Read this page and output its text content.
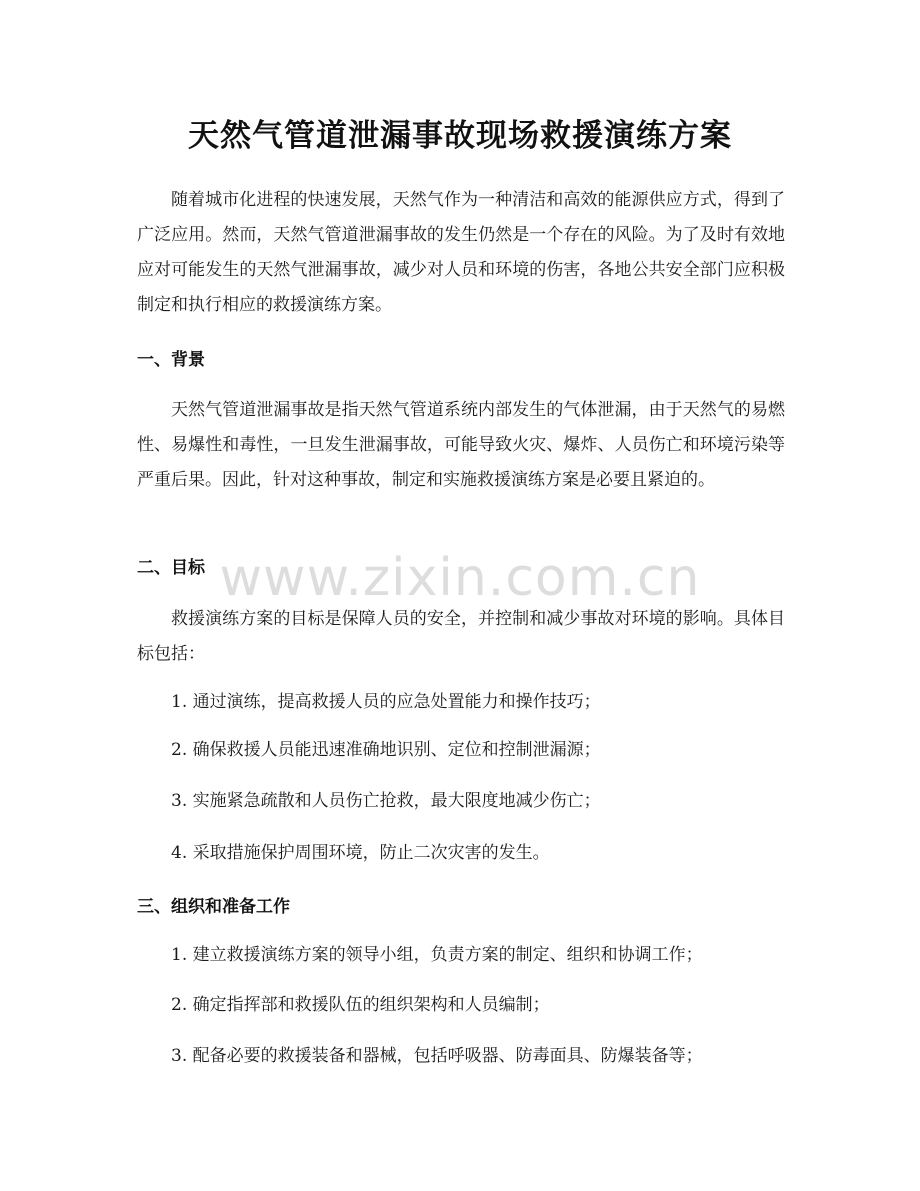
天然气管道泄漏事故现场救援演练方案

随着城市化进程的快速发展，天然气作为一种清洁和高效的能源供应方式，得到了广泛应用。然而，天然气管道泄漏事故的发生仍然是一个存在的风险。为了及时有效地应对可能发生的天然气泄漏事故，减少对人员和环境的伤害，各地公共安全部门应积极制定和执行相应的救援演练方案。

一、背景

天然气管道泄漏事故是指天然气管道系统内部发生的气体泄漏，由于天然气的易燃性、易爆性和毒性，一旦发生泄漏事故，可能导致火灾、爆炸、人员伤亡和环境污染等严重后果。因此，针对这种事故，制定和实施救援演练方案是必要且紧迫的。

二、目标

救援演练方案的目标是保障人员的安全，并控制和减少事故对环境的影响。具体目标包括：

1. 通过演练，提高救援人员的应急处置能力和操作技巧；

2. 确保救援人员能迅速准确地识别、定位和控制泄漏源；

3. 实施紧急疏散和人员伤亡抢救，最大限度地减少伤亡；

4. 采取措施保护周围环境，防止二次灾害的发生。

三、组织和准备工作

1. 建立救援演练方案的领导小组，负责方案的制定、组织和协调工作；

2. 确定指挥部和救援队伍的组织架构和人员编制；

3. 配备必要的救援装备和器械，包括呼吸器、防毒面具、防爆装备等；

www.zixin.com.cn
